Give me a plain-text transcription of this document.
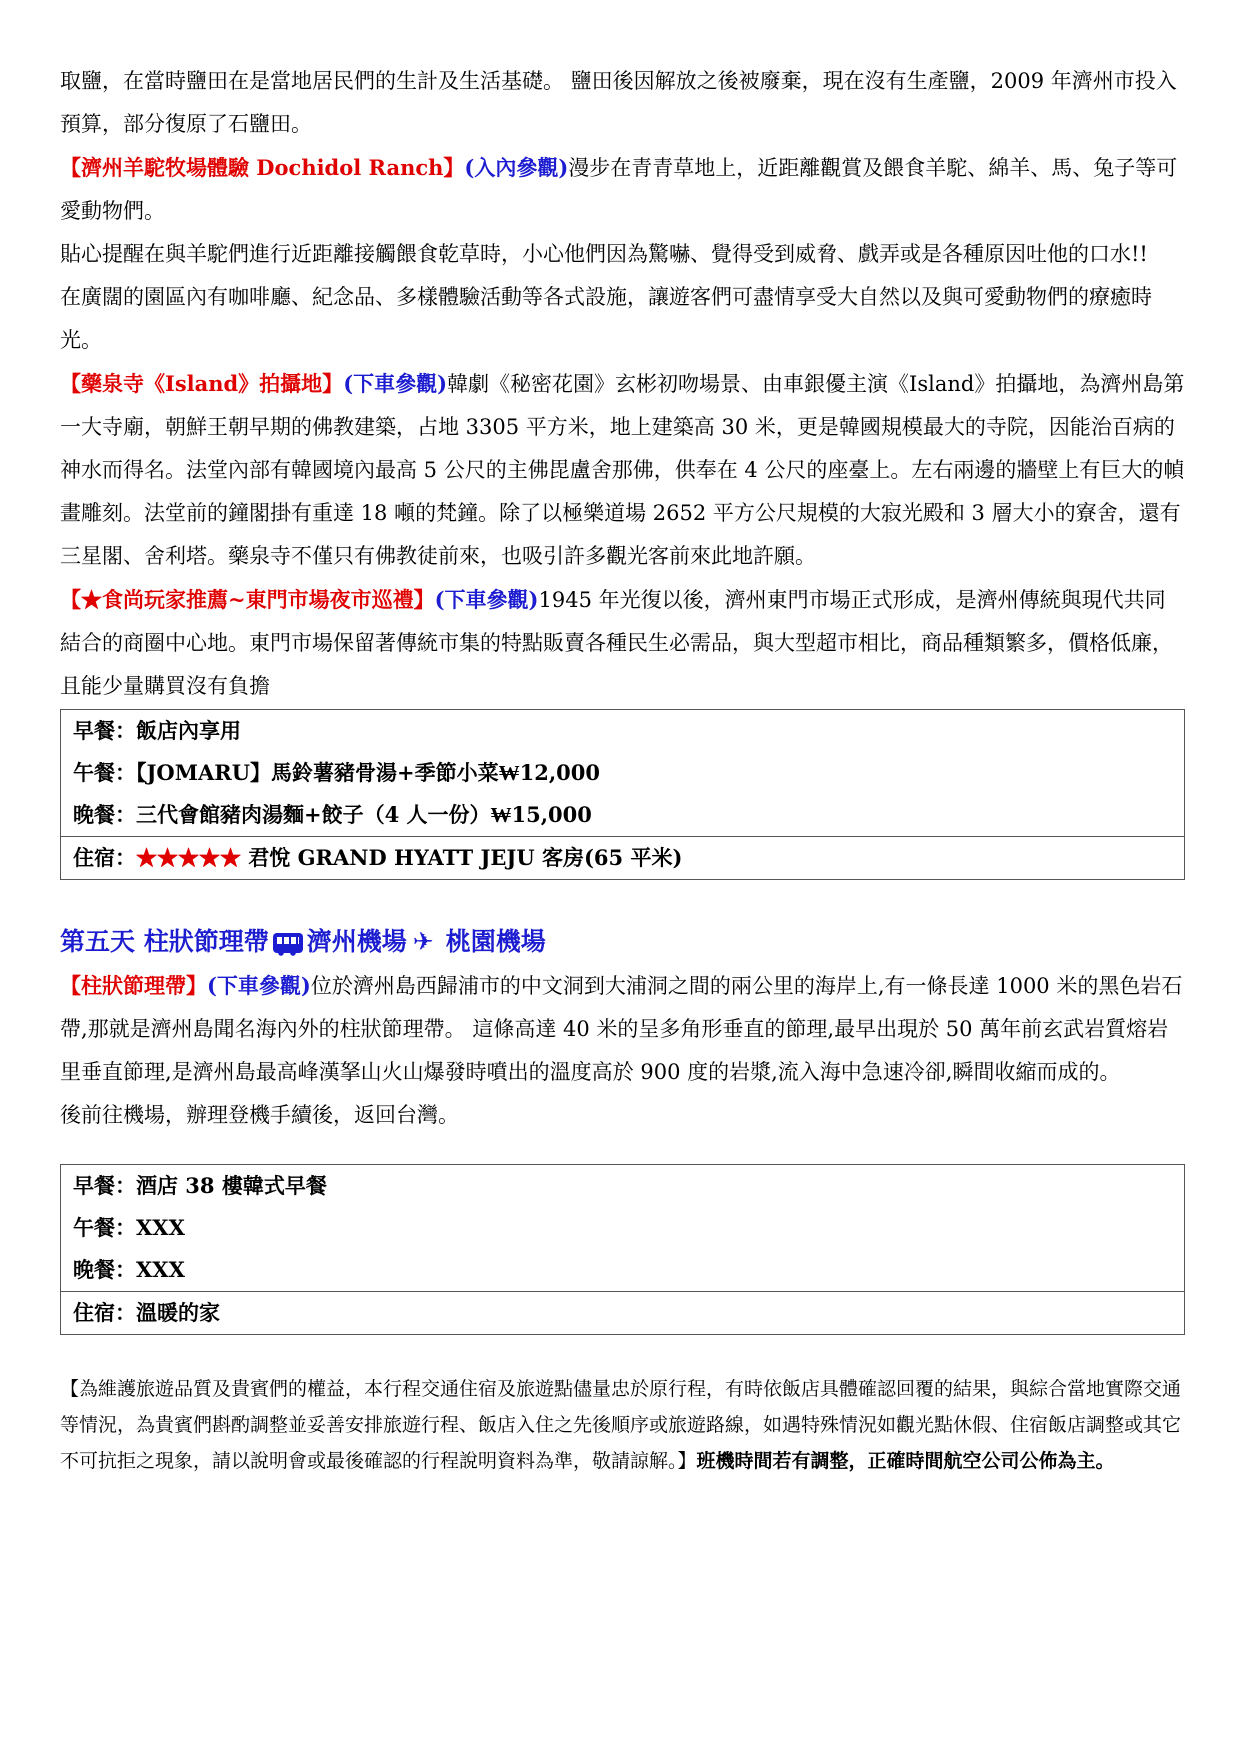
取鹽，在當時鹽田在是當地居民們的生計及生活基礎。 鹽田後因解放之後被廢棄，現在沒有生產鹽，2009 年濟州市投入預算，部分復原了石鹽田。

【濟州羊駝牧場體驗 Dochidol Ranch】(入內參觀)漫步在青青草地上，近距離觀賞及餵食羊駝、綿羊、馬、兔子等可愛動物們。

貼心提醒在與羊駝們進行近距離接觸餵食乾草時，小心他們因為驚嚇、覺得受到威脅、戲弄或是各種原因吐他的口水!!

在廣闊的園區內有咖啡廳、紀念品、多樣體驗活動等各式設施，讓遊客們可盡情享受大自然以及與可愛動物們的療癒時光。

【藥泉寺《Island》拍攝地】(下車參觀)韓劇《秘密花園》玄彬初吻場景、由車銀優主演《Island》拍攝地，為濟州島第一大寺廟，朝鮮王朝早期的佛教建築，占地 3305 平方米，地上建築高 30 米，更是韓國規模最大的寺院，因能治百病的神水而得名。法堂內部有韓國境內最高 5 公尺的主佛毘盧舍那佛，供奉在 4 公尺的座臺上。左右兩邊的牆壁上有巨大的幀畫雕刻。法堂前的鐘閣掛有重達 18 噸的梵鐘。除了以極樂道場 2652 平方公尺規模的大寂光殿和 3 層大小的寮舍，還有三星閣、舍利塔。藥泉寺不僅只有佛教徒前來，也吸引許多觀光客前來此地許願。

【★食尚玩家推薦~東門市場夜市巡禮】(下車參觀)1945 年光復以後，濟州東門市場正式形成，是濟州傳統與現代共同結合的商圈中心地。東門市場保留著傳統市集的特點販賣各種民生必需品，與大型超市相比，商品種類繁多，價格低廉，且能少量購買沒有負擔

早餐：飯店內享用
午餐：【JOMARU】馬鈴薯豬骨湯+季節小菜₩12,000
晚餐：三代會館豬肉湯麵+餃子（4 人一份）₩15,000
住宿：★★★★★ 君悅 GRAND HYATT JEJU 客房(65 平米)
第五天 柱狀節理帶 濟州機場 ✈ 桃園機場

【柱狀節理帶】(下車參觀)位於濟州島西歸浦市的中文洞到大浦洞之間的兩公里的海岸上,有一條長達 1000 米的黑色岩石帶,那就是濟州島聞名海內外的柱狀節理帶。 這條高達 40 米的呈多角形垂直的節理,最早出現於 50 萬年前玄武岩質熔岩里垂直節理,是濟州島最高峰漢拏山火山爆發時噴出的溫度高於 900 度的岩漿,流入海中急速冷卻,瞬間收縮而成的。

後前往機場，辦理登機手續後，返回台灣。

早餐：酒店 38 樓韓式早餐
午餐：XXX
晚餐：XXX
住宿：溫暖的家
【為維護旅遊品質及貴賓們的權益，本行程交通住宿及旅遊點儘量忠於原行程，有時依飯店具體確認回覆的結果，與綜合當地實際交通等情況，為貴賓們斟酌調整並妥善安排旅遊行程、飯店入住之先後順序或旅遊路線，如遇特殊情況如觀光點休假、住宿飯店調整或其它不可抗拒之現象，請以說明會或最後確認的行程說明資料為準，敬請諒解。】班機時間若有調整，正確時間航空公司公佈為主。
